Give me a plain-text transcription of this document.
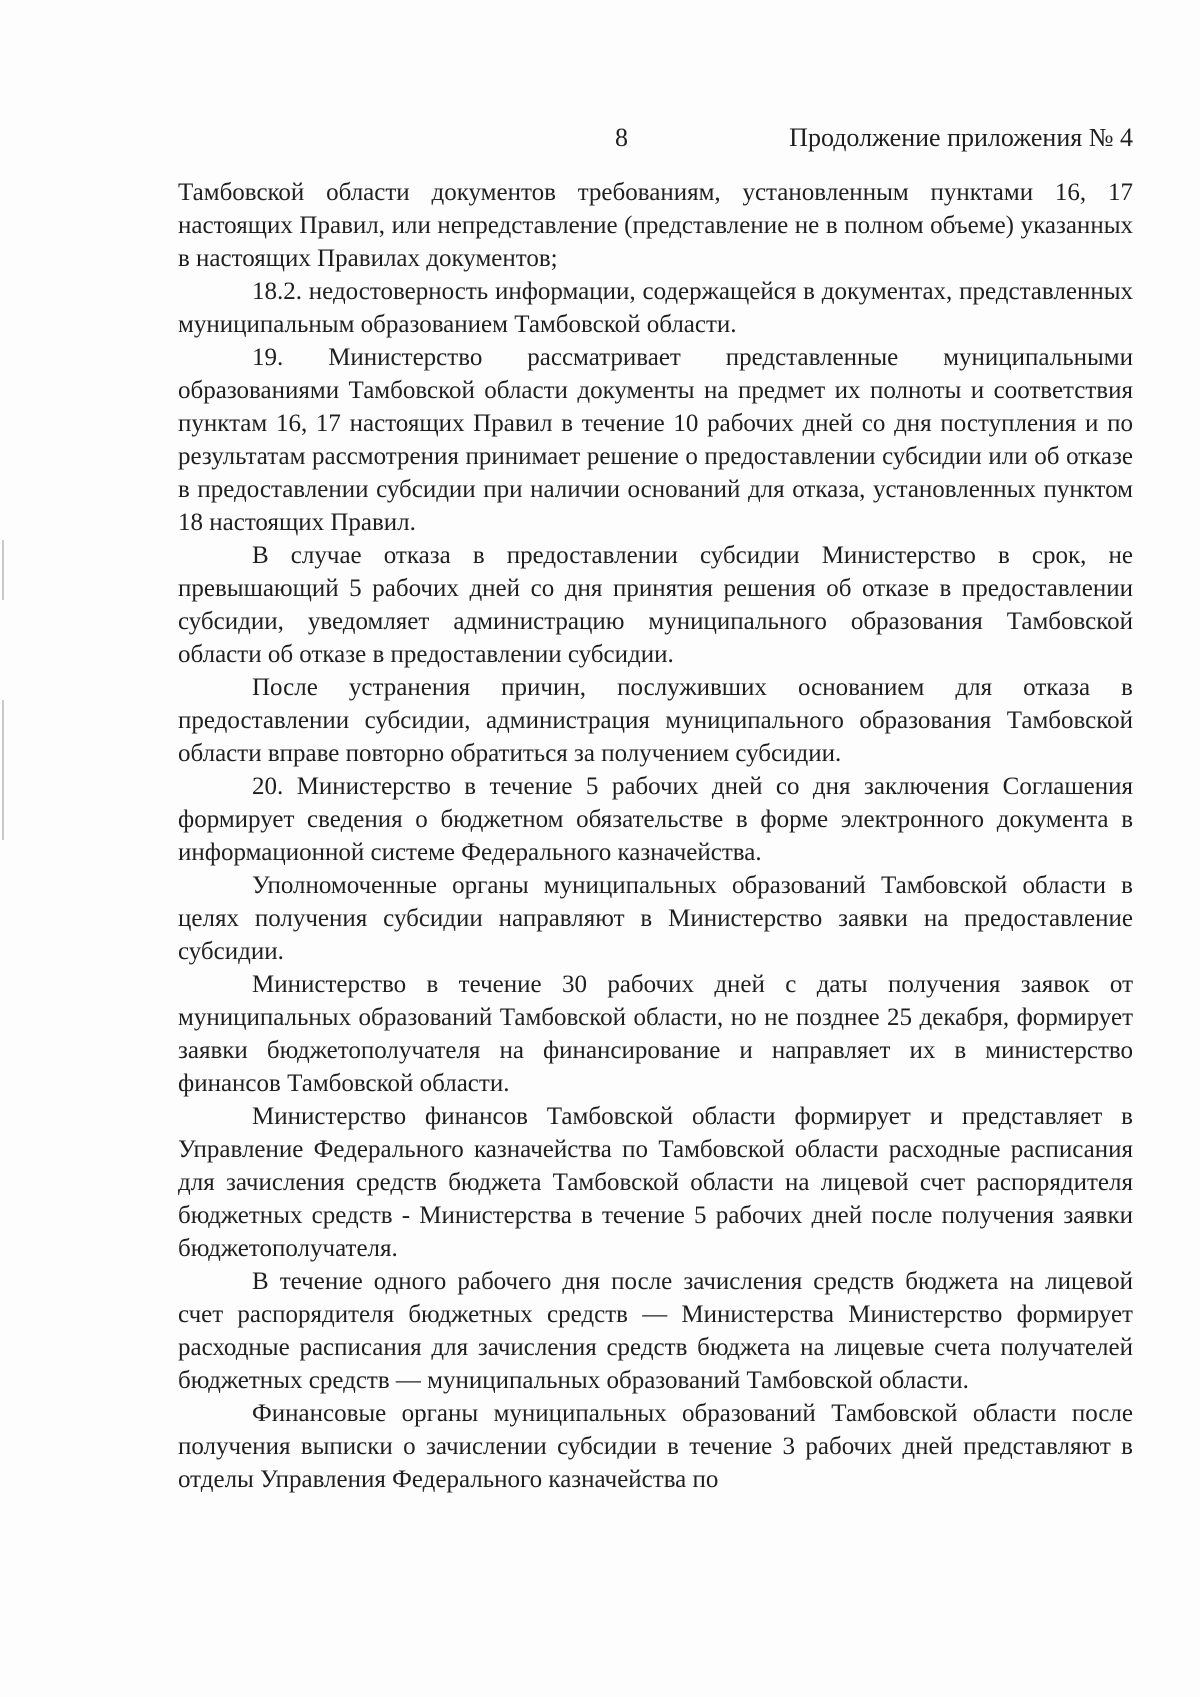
8	Продолжение приложения № 4

Тамбовской области документов требованиям, установленным пунктами 16, 17 настоящих Правил, или непредставление (представление не в полном объеме) указанных в настоящих Правилах документов;

18.2. недостоверность информации, содержащейся в документах, представленных муниципальным образованием Тамбовской области.

19. Министерство рассматривает представленные муниципальными образованиями Тамбовской области документы на предмет их полноты и соответствия пунктам 16, 17 настоящих Правил в течение 10 рабочих дней со дня поступления и по результатам рассмотрения принимает решение о предоставлении субсидии или об отказе в предоставлении субсидии при наличии оснований для отказа, установленных пунктом 18 настоящих Правил.

В случае отказа в предоставлении субсидии Министерство в срок, не превышающий 5 рабочих дней со дня принятия решения об отказе в предоставлении субсидии, уведомляет администрацию муниципального образования Тамбовской области об отказе в предоставлении субсидии.

После устранения причин, послуживших основанием для отказа в предоставлении субсидии, администрация муниципального образования Тамбовской области вправе повторно обратиться за получением субсидии.

20. Министерство в течение 5 рабочих дней со дня заключения Соглашения формирует сведения о бюджетном обязательстве в форме электронного документа в информационной системе Федерального казначейства.

Уполномоченные органы муниципальных образований Тамбовской области в целях получения субсидии направляют в Министерство заявки на предоставление субсидии.

Министерство в течение 30 рабочих дней с даты получения заявок от муниципальных образований Тамбовской области, но не позднее 25 декабря, формирует заявки бюджетополучателя на финансирование и направляет их в министерство финансов Тамбовской области.

Министерство финансов Тамбовской области формирует и представляет в Управление Федерального казначейства по Тамбовской области расходные расписания для зачисления средств бюджета Тамбовской области на лицевой счет распорядителя бюджетных средств - Министерства в течение 5 рабочих дней после получения заявки бюджетополучателя.

В течение одного рабочего дня после зачисления средств бюджета на лицевой счет распорядителя бюджетных средств — Министерства Министерство формирует расходные расписания для зачисления средств бюджета на лицевые счета получателей бюджетных средств — муниципальных образований Тамбовской области.

Финансовые органы муниципальных образований Тамбовской области после получения выписки о зачислении субсидии в течение 3 рабочих дней представляют в отделы Управления Федерального казначейства по
